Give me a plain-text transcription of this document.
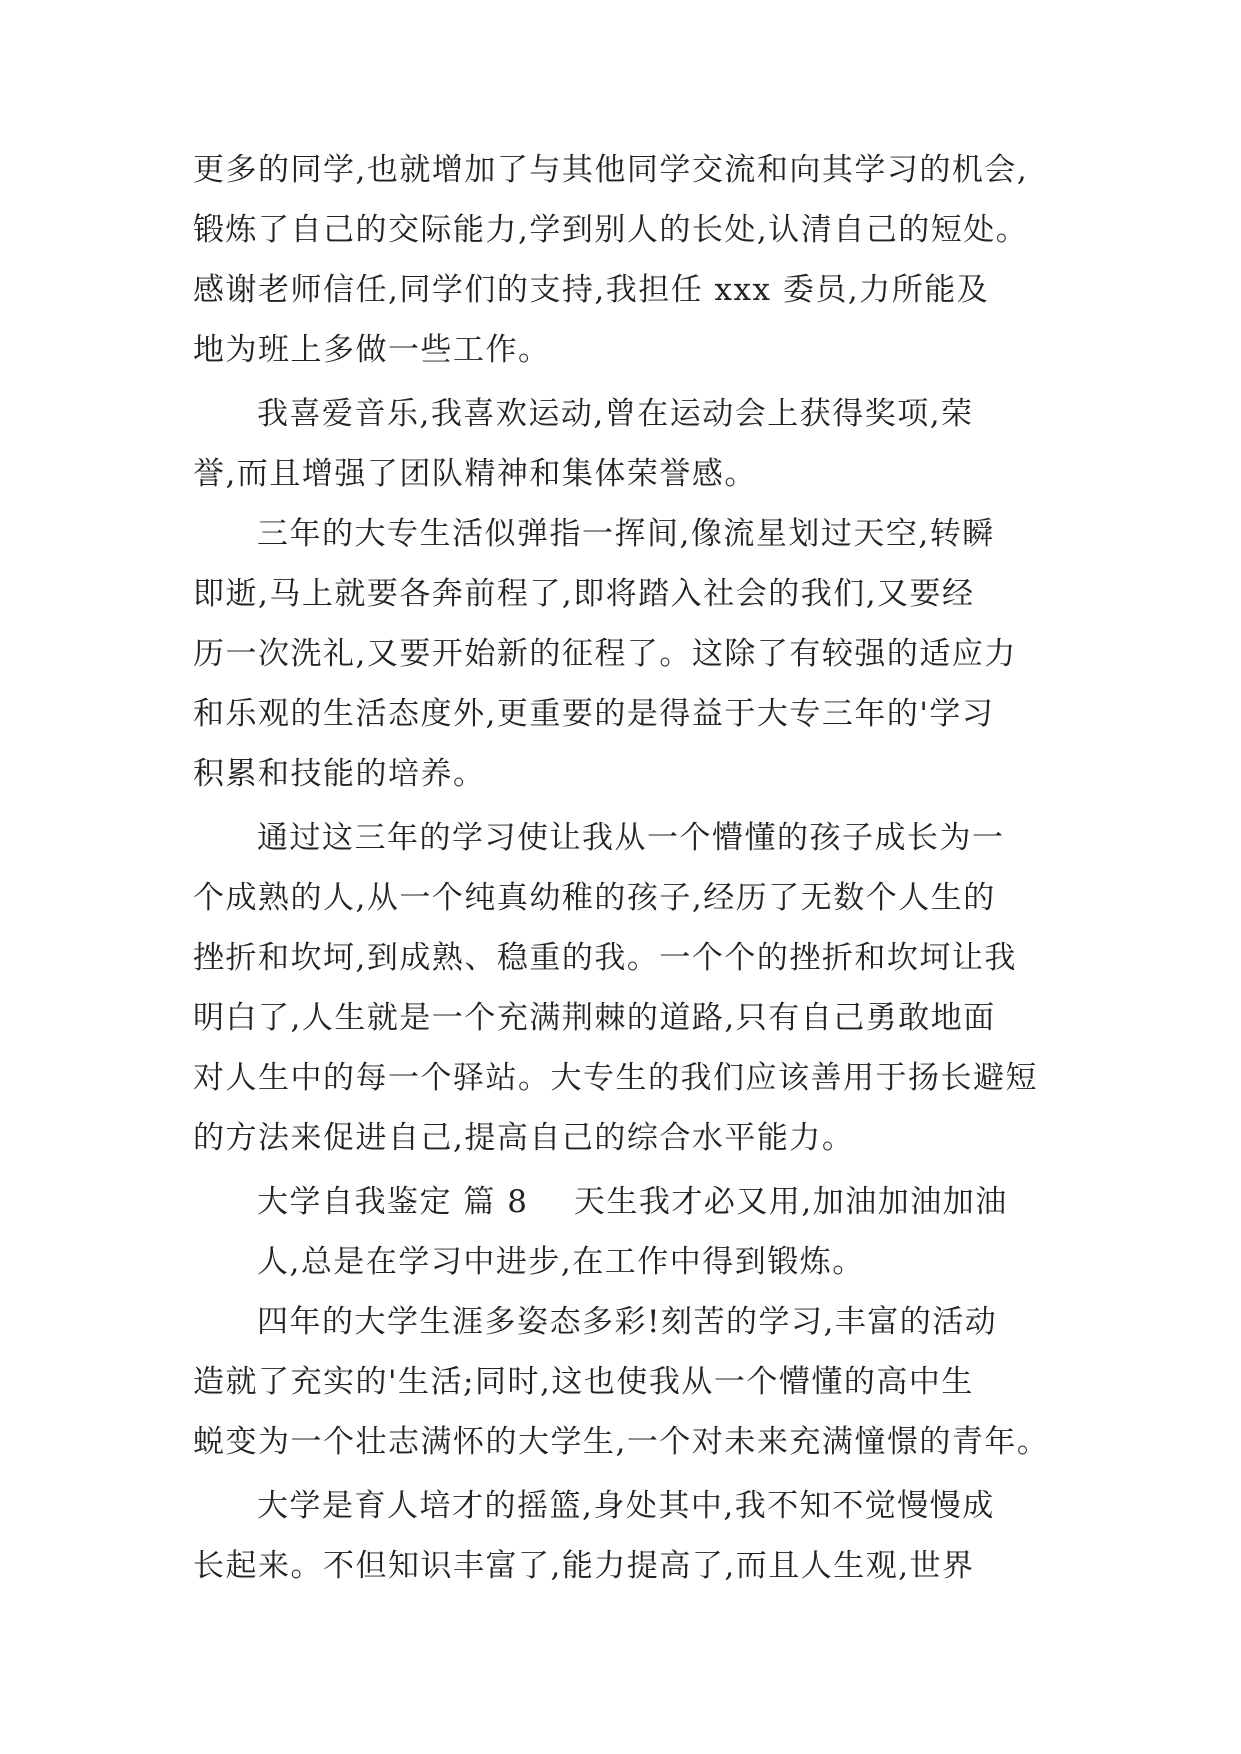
更多的同学,也就增加了与其他同学交流和向其学习的机会,
锻炼了自己的交际能力,学到别人的长处,认清自己的短处。
感谢老师信任,同学们的支持,我担任 xxx 委员,力所能及
地为班上多做一些工作。
我喜爱音乐,我喜欢运动,曾在运动会上获得奖项,荣
誉,而且增强了团队精神和集体荣誉感。
三年的大专生活似弹指一挥间,像流星划过天空,转瞬
即逝,马上就要各奔前程了,即将踏入社会的我们,又要经
历一次洗礼,又要开始新的征程了。这除了有较强的适应力
和乐观的生活态度外,更重要的是得益于大专三年的'学习
积累和技能的培养。
通过这三年的学习使让我从一个懵懂的孩子成长为一
个成熟的人,从一个纯真幼稚的孩子,经历了无数个人生的
挫折和坎坷,到成熟、稳重的我。一个个的挫折和坎坷让我
明白了,人生就是一个充满荆棘的道路,只有自己勇敢地面
对人生中的每一个驿站。大专生的我们应该善用于扬长避短
的方法来促进自己,提高自己的综合水平能力。
大学自我鉴定 篇 8    天生我才必又用,加油加油加油
人,总是在学习中进步,在工作中得到锻炼。
四年的大学生涯多姿态多彩!刻苦的学习,丰富的活动
造就了充实的'生活;同时,这也使我从一个懵懂的高中生
蜕变为一个壮志满怀的大学生,一个对未来充满憧憬的青年。
大学是育人培才的摇篮,身处其中,我不知不觉慢慢成
长起来。不但知识丰富了,能力提高了,而且人生观,世界
